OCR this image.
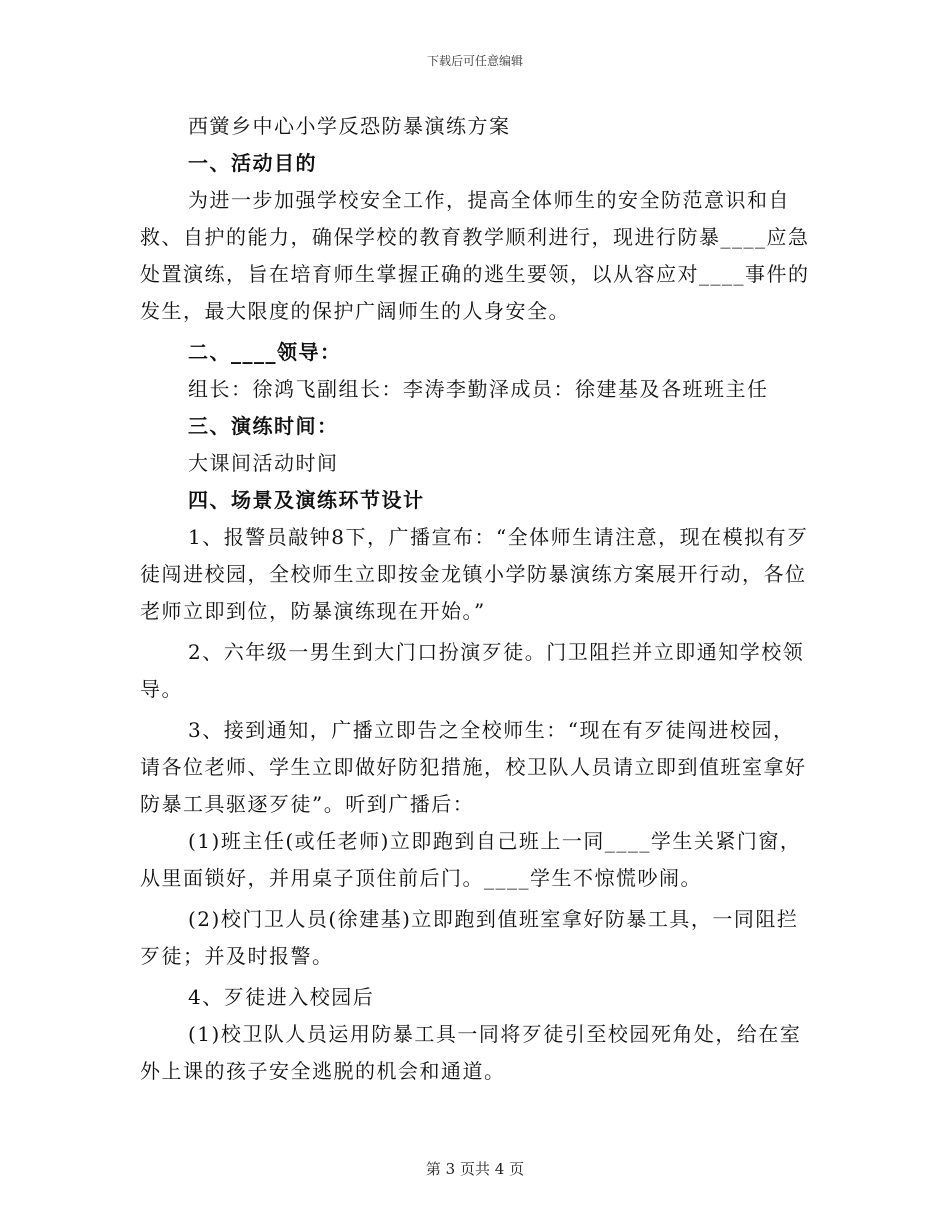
下载后可任意编辑

西黉乡中心小学反恐防暴演练方案

一、活动目的

为进一步加强学校安全工作，提高全体师生的安全防范意识和自救、自护的能力，确保学校的教育教学顺利进行，现进行防暴____应急处置演练，旨在培育师生掌握正确的逃生要领，以从容应对____事件的发生，最大限度的保护广阔师生的人身安全。

二、____领导：

组长：徐鸿飞副组长：李涛李勤泽成员：徐建基及各班班主任

三、演练时间：

大课间活动时间

四、场景及演练环节设计

1、报警员敲钟8下，广播宣布：“全体师生请注意，现在模拟有歹徒闯进校园，全校师生立即按金龙镇小学防暴演练方案展开行动，各位老师立即到位，防暴演练现在开始。”

2、六年级一男生到大门口扮演歹徒。门卫阻拦并立即通知学校领导。

3、接到通知，广播立即告之全校师生：“现在有歹徒闯进校园，请各位老师、学生立即做好防犯措施，校卫队人员请立即到值班室拿好防暴工具驱逐歹徒”。听到广播后：

(1)班主任(或任老师)立即跑到自己班上一同____学生关紧门窗，从里面锁好，并用桌子顶住前后门。____学生不惊慌吵闹。

(2)校门卫人员(徐建基)立即跑到值班室拿好防暴工具，一同阻拦歹徒；并及时报警。

4、歹徒进入校园后

(1)校卫队人员运用防暴工具一同将歹徒引至校园死角处，给在室外上课的孩子安全逃脱的机会和通道。

第 3 页共 4 页
